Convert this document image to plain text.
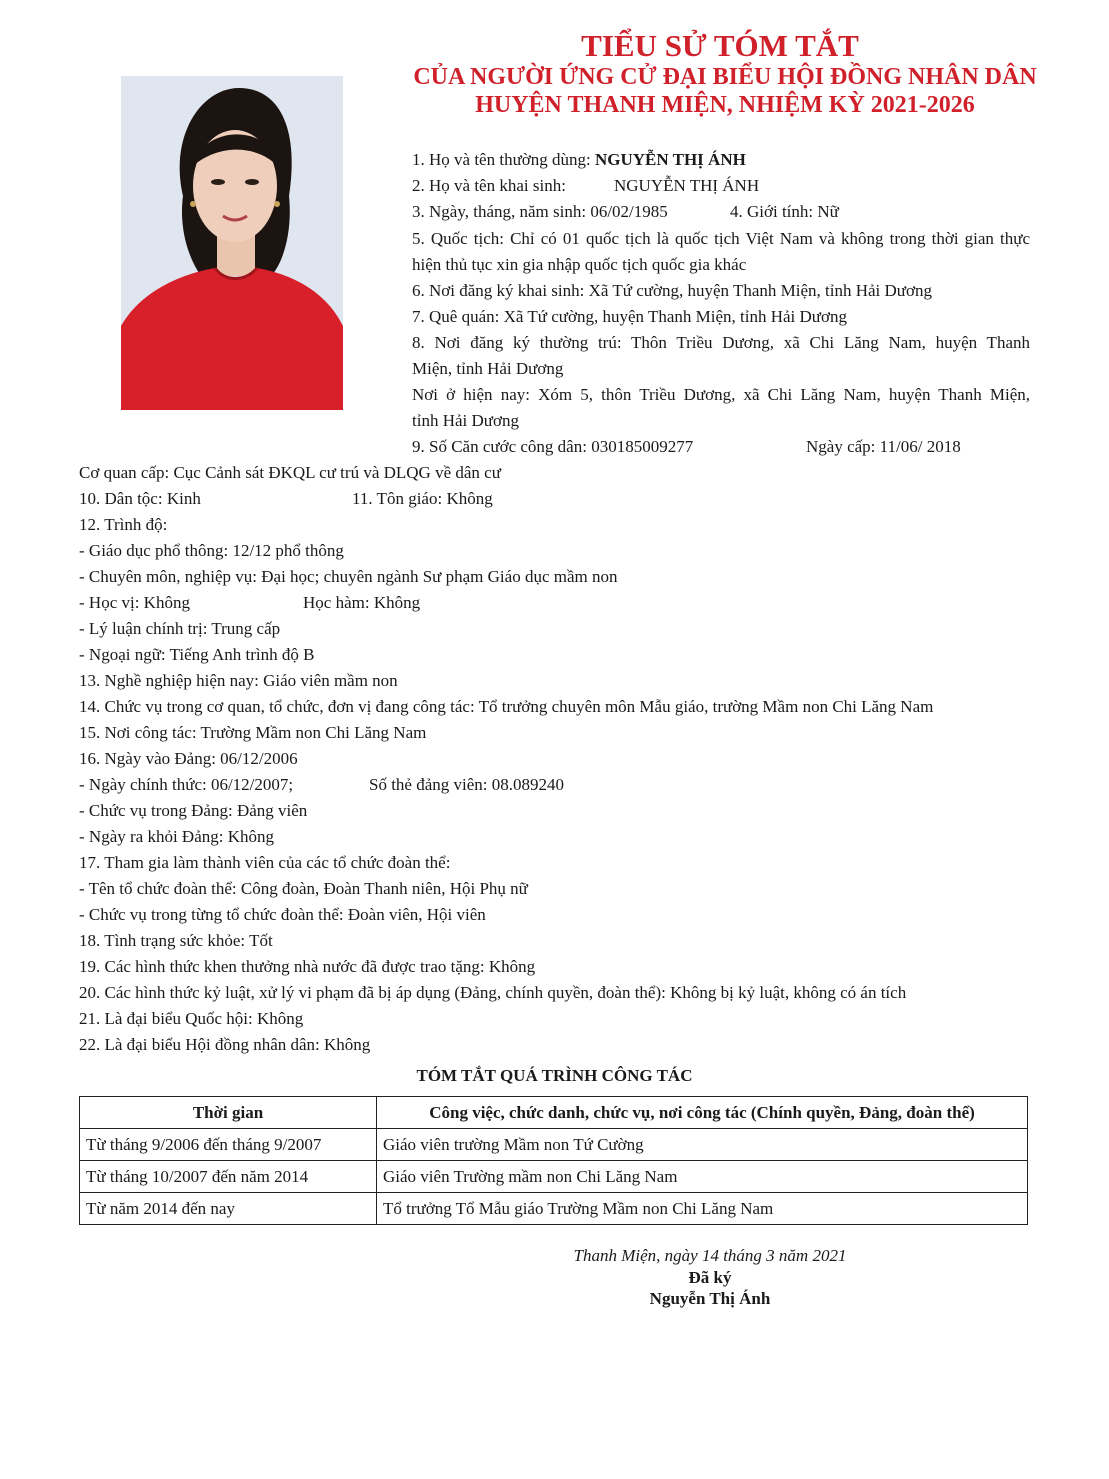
TIỂU SỬ TÓM TẮT
CỦA NGƯỜI ỨNG CỬ ĐẠI BIỂU HỘI ĐỒNG NHÂN DÂN
HUYỆN THANH MIỆN, NHIỆM KỲ 2021-2026
1. Họ và tên thường dùng: NGUYỄN THỊ ÁNH
2. Họ và tên khai sinh:	NGUYỄN THỊ ÁNH
3. Ngày, tháng, năm sinh: 06/02/1985	4. Giới tính: Nữ
5. Quốc tịch: Chỉ có 01 quốc tịch là quốc tịch Việt Nam và không trong thời gian thực
hiện thủ tục xin gia nhập quốc tịch quốc gia khác
6. Nơi đăng ký khai sinh: Xã Tứ cường, huyện Thanh Miện, tỉnh Hải Dương
7. Quê quán: Xã Tứ cường, huyện Thanh Miện, tỉnh Hải Dương
8. Nơi đăng ký thường trú: Thôn Triều Dương, xã Chi Lăng Nam, huyện Thanh
Miện, tỉnh Hải Dương
Nơi ở hiện nay: Xóm 5, thôn Triều Dương, xã Chi Lăng Nam, huyện Thanh Miện,
tỉnh Hải Dương
9. Số Căn cước công dân: 030185009277	Ngày cấp: 11/06/ 2018
Cơ quan cấp: Cục Cảnh sát ĐKQL cư trú và DLQG về dân cư
10. Dân tộc: Kinh	11. Tôn giáo: Không
12. Trình độ:
- Giáo dục phổ thông: 12/12 phổ thông
- Chuyên môn, nghiệp vụ: Đại học; chuyên ngành Sư phạm Giáo dục mầm non
- Học vị: Không	Học hàm: Không
- Lý luận chính trị: Trung cấp
- Ngoại ngữ: Tiếng Anh trình độ B
13. Nghề nghiệp hiện nay: Giáo viên mầm non
14. Chức vụ trong cơ quan, tổ chức, đơn vị đang công tác: Tổ trưởng chuyên môn Mẫu giáo, trường Mầm non Chi Lăng Nam
15. Nơi công tác: Trường Mầm non Chi Lăng Nam
16. Ngày vào Đảng: 06/12/2006
- Ngày chính thức: 06/12/2007;	Số thẻ đảng viên: 08.089240
- Chức vụ trong Đảng: Đảng viên
- Ngày ra khỏi Đảng: Không
17. Tham gia làm thành viên của các tổ chức đoàn thể:
- Tên tổ chức đoàn thể: Công đoàn, Đoàn Thanh niên, Hội Phụ nữ
- Chức vụ trong từng tổ chức đoàn thể: Đoàn viên, Hội viên
18. Tình trạng sức khỏe: Tốt
19. Các hình thức khen thưởng nhà nước đã được trao tặng: Không
20. Các hình thức kỷ luật, xử lý vi phạm đã bị áp dụng (Đảng, chính quyền, đoàn thể): Không bị kỷ luật, không có án tích
21. Là đại biểu Quốc hội: Không
22. Là đại biểu Hội đồng nhân dân: Không
TÓM TẮT QUÁ TRÌNH CÔNG TÁC
Thời gian	Công việc, chức danh, chức vụ, nơi công tác (Chính quyền, Đảng, đoàn thể)
Từ tháng 9/2006 đến tháng 9/2007	Giáo viên trường Mầm non Tứ Cường
Từ tháng 10/2007 đến năm 2014	Giáo viên Trường mầm non Chi Lăng Nam
Từ năm 2014 đến nay	Tổ trưởng Tổ Mẫu giáo Trường Mầm non Chi Lăng Nam
Thanh Miện, ngày 14 tháng 3 năm 2021
Đã ký
Nguyễn Thị Ánh
